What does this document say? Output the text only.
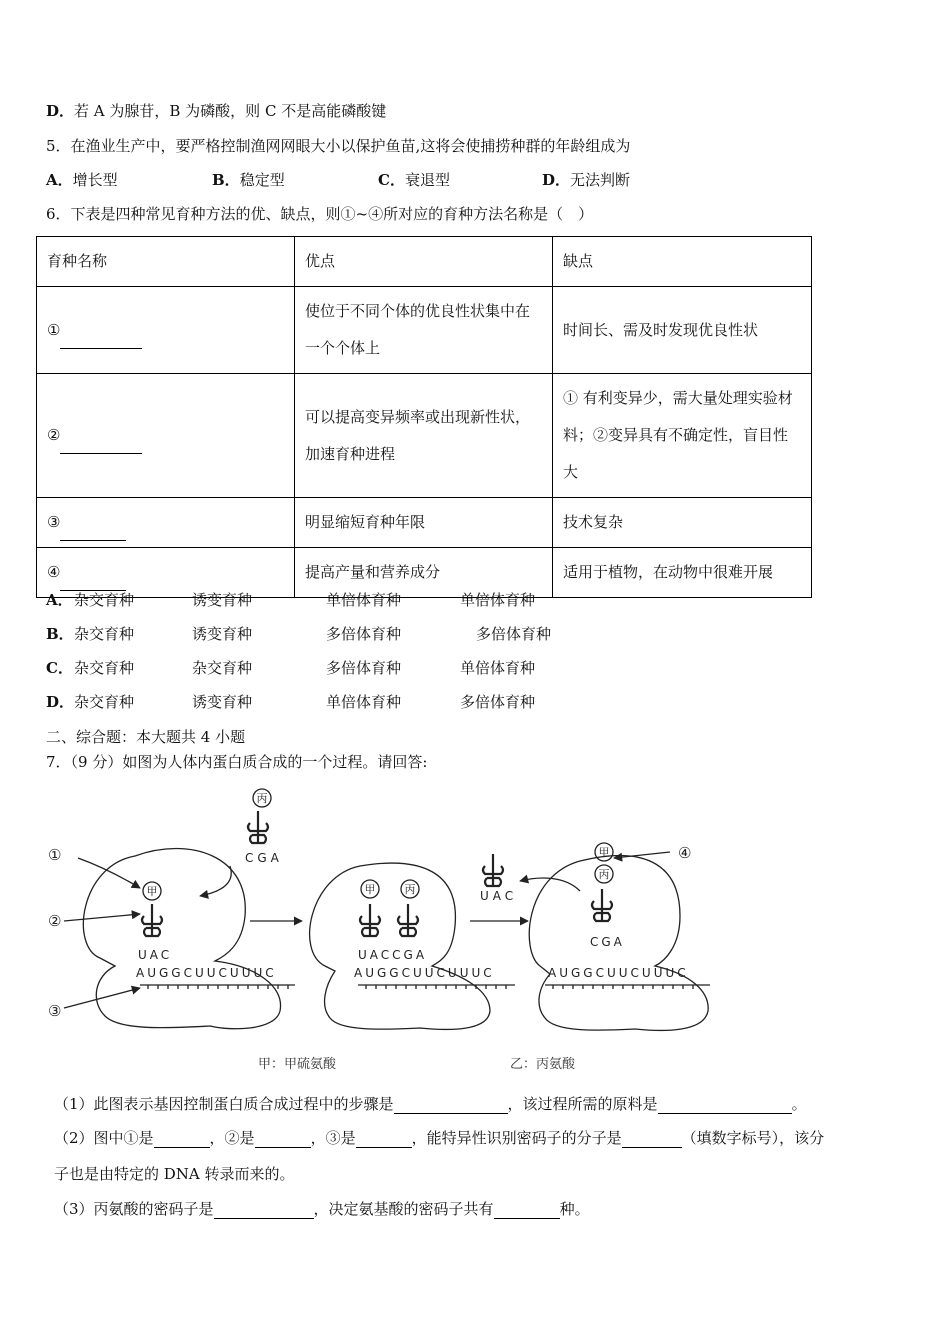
D．若 A 为腺苷，B 为磷酸，则 C 不是高能磷酸键
5．在渔业生产中，要严格控制渔网网眼大小以保护鱼苗,这将会使捕捞种群的年龄组成为
A．增长型	B．稳定型	C．衰退型	D．无法判断
6．下表是四种常见育种方法的优、缺点，则①~④所对应的育种方法名称是（　）
育种名称	优点	缺点
①	使位于不同个体的优良性状集中在一个个体上	时间长、需及时发现优良性状
②	可以提高变异频率或出现新性状，加速育种进程	① 有利变异少，需大量处理实验材料；②变异具有不确定性，盲目性大
③	明显缩短育种年限	技术复杂
④	提高产量和营养成分	适用于植物，在动物中很难开展
A． 杂交育种	诱变育种	单倍体育种	单倍体育种
B． 杂交育种	诱变育种	多倍体育种	多倍体育种
C． 杂交育种	杂交育种	多倍体育种	单倍体育种
D． 杂交育种	诱变育种	单倍体育种	多倍体育种
二、综合题：本大题共 4 小题
7．（9 分）如图为人体内蛋白质合成的一个过程。请回答:
AUGGCUUCUUUC	AUGGCUUCUUUC	AUGGCUUCUUUC
UAC	UACCGA
CGA
CGA
UAC
甲
丙
甲	丙
丙
甲
①
②
③
④
甲：甲硫氨酸	乙：丙氨酸
（1）此图表示基因控制蛋白质合成过程中的步骤是	，该过程所需的原料是	。
（2）图中①是	，②是	，③是	，能特异性识别密码子的分子是	（填数字标号），该分
子也是由特定的 DNA 转录而来的。
（3）丙氨酸的密码子是	，决定氨基酸的密码子共有	种。
